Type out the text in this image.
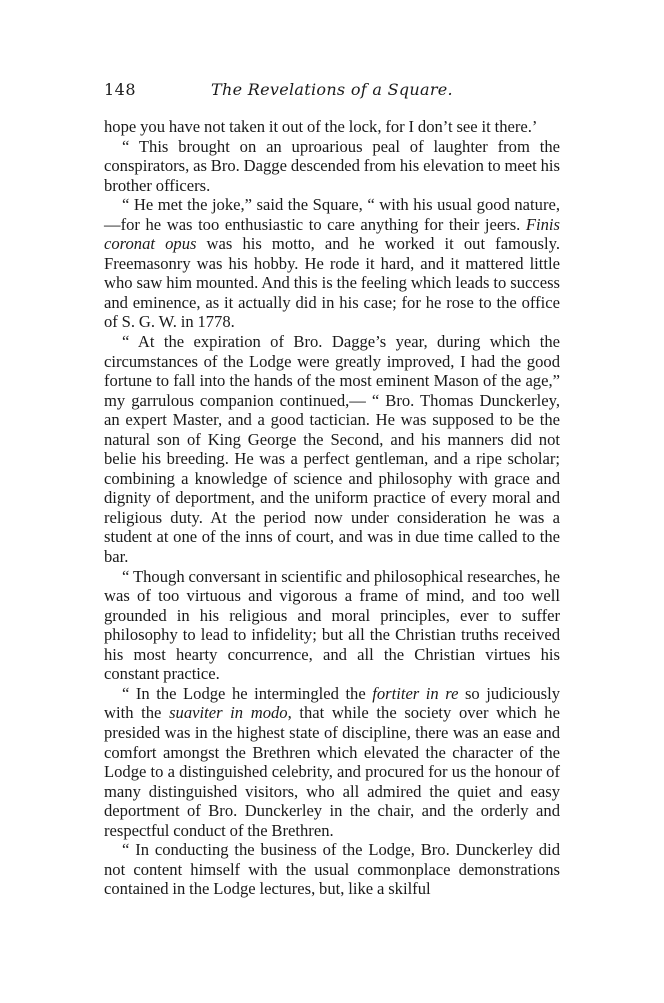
148	The Revelations of a Square.

hope you have not taken it out of the lock, for I don’t see it there.’

“ This brought on an uproarious peal of laughter from the conspirators, as Bro. Dagge descended from his elevation to meet his brother officers.

“ He met the joke,” said the Square, “ with his usual good nature,—for he was too enthusiastic to care anything for their jeers. Finis coronat opus was his motto, and he worked it out famously. Freemasonry was his hobby. He rode it hard, and it mattered little who saw him mounted. And this is the feeling which leads to success and eminence, as it actually did in his case; for he rose to the office of S. G. W. in 1778.

“ At the expiration of Bro. Dagge’s year, during which the circumstances of the Lodge were greatly improved, I had the good fortune to fall into the hands of the most eminent Mason of the age,” my garrulous companion continued,— “ Bro. Thomas Dunckerley, an expert Master, and a good tactician. He was supposed to be the natural son of King George the Second, and his manners did not belie his breeding. He was a perfect gentleman, and a ripe scholar; combining a knowledge of science and philosophy with grace and dignity of deportment, and the uniform practice of every moral and religious duty. At the period now under consideration he was a student at one of the inns of court, and was in due time called to the bar.

“ Though conversant in scientific and philosophical researches, he was of too virtuous and vigorous a frame of mind, and too well grounded in his religious and moral principles, ever to suffer philosophy to lead to infidelity; but all the Christian truths received his most hearty concurrence, and all the Christian virtues his constant practice.

“ In the Lodge he intermingled the fortiter in re so judiciously with the suaviter in modo, that while the society over which he presided was in the highest state of discipline, there was an ease and comfort amongst the Brethren which elevated the character of the Lodge to a distinguished celebrity, and procured for us the honour of many distinguished visitors, who all admired the quiet and easy deportment of Bro. Dunckerley in the chair, and the orderly and respectful conduct of the Brethren.

“ In conducting the business of the Lodge, Bro. Dunckerley did not content himself with the usual commonplace demonstrations contained in the Lodge lectures, but, like a skilful
